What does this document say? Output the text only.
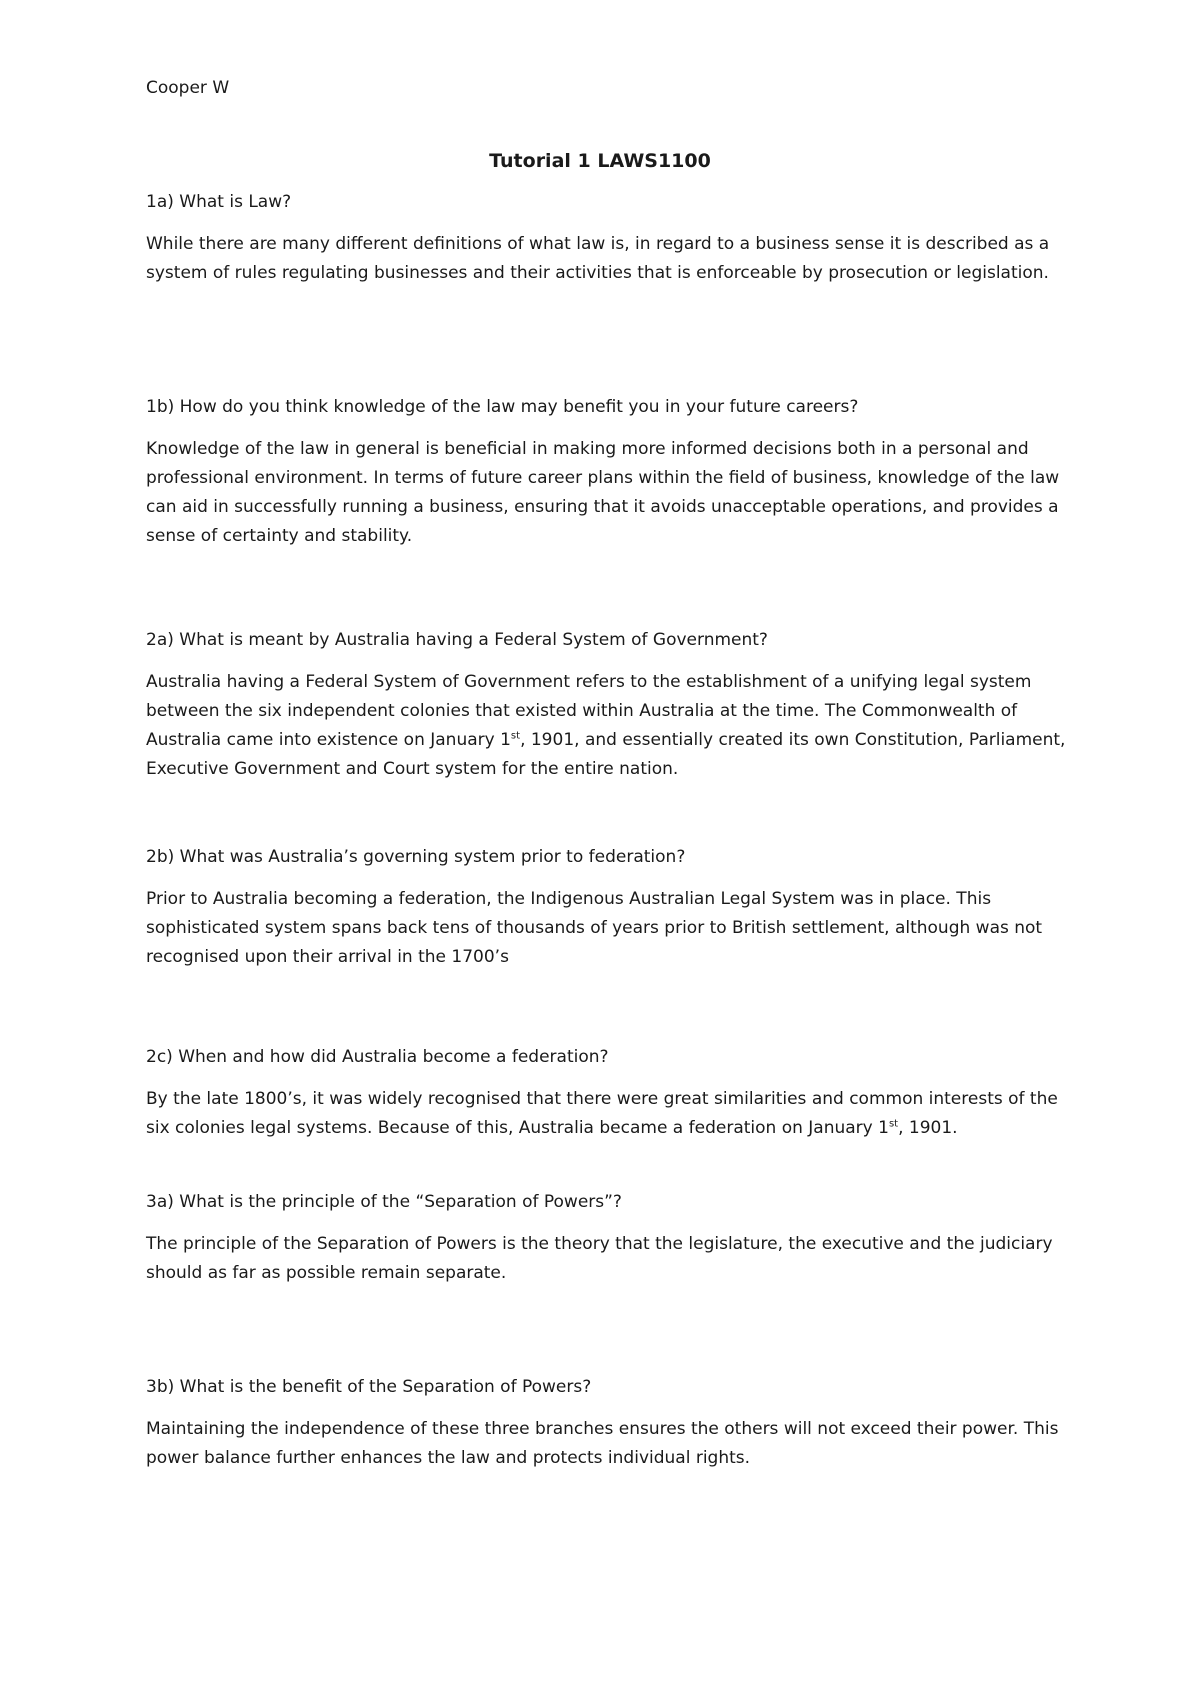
Cooper W
Tutorial 1 LAWS1100

1a) What is Law?

While there are many different definitions of what law is, in regard to a business sense it is described as a system of rules regulating businesses and their activities that is enforceable by prosecution or legislation.

1b) How do you think knowledge of the law may benefit you in your future careers?

Knowledge of the law in general is beneficial in making more informed decisions both in a personal and professional environment. In terms of future career plans within the field of business, knowledge of the law can aid in successfully running a business, ensuring that it avoids unacceptable operations, and provides a sense of certainty and stability.

2a) What is meant by Australia having a Federal System of Government?

Australia having a Federal System of Government refers to the establishment of a unifying legal system between the six independent colonies that existed within Australia at the time. The Commonwealth of Australia came into existence on January 1st, 1901, and essentially created its own Constitution, Parliament, Executive Government and Court system for the entire nation.

2b) What was Australia’s governing system prior to federation?

Prior to Australia becoming a federation, the Indigenous Australian Legal System was in place. This sophisticated system spans back tens of thousands of years prior to British settlement, although was not recognised upon their arrival in the 1700’s

2c) When and how did Australia become a federation?

By the late 1800’s, it was widely recognised that there were great similarities and common interests of the six colonies legal systems. Because of this, Australia became a federation on January 1st, 1901.

3a) What is the principle of the “Separation of Powers”?

The principle of the Separation of Powers is the theory that the legislature, the executive and the judiciary should as far as possible remain separate.

3b) What is the benefit of the Separation of Powers?

Maintaining the independence of these three branches ensures the others will not exceed their power. This power balance further enhances the law and protects individual rights.
